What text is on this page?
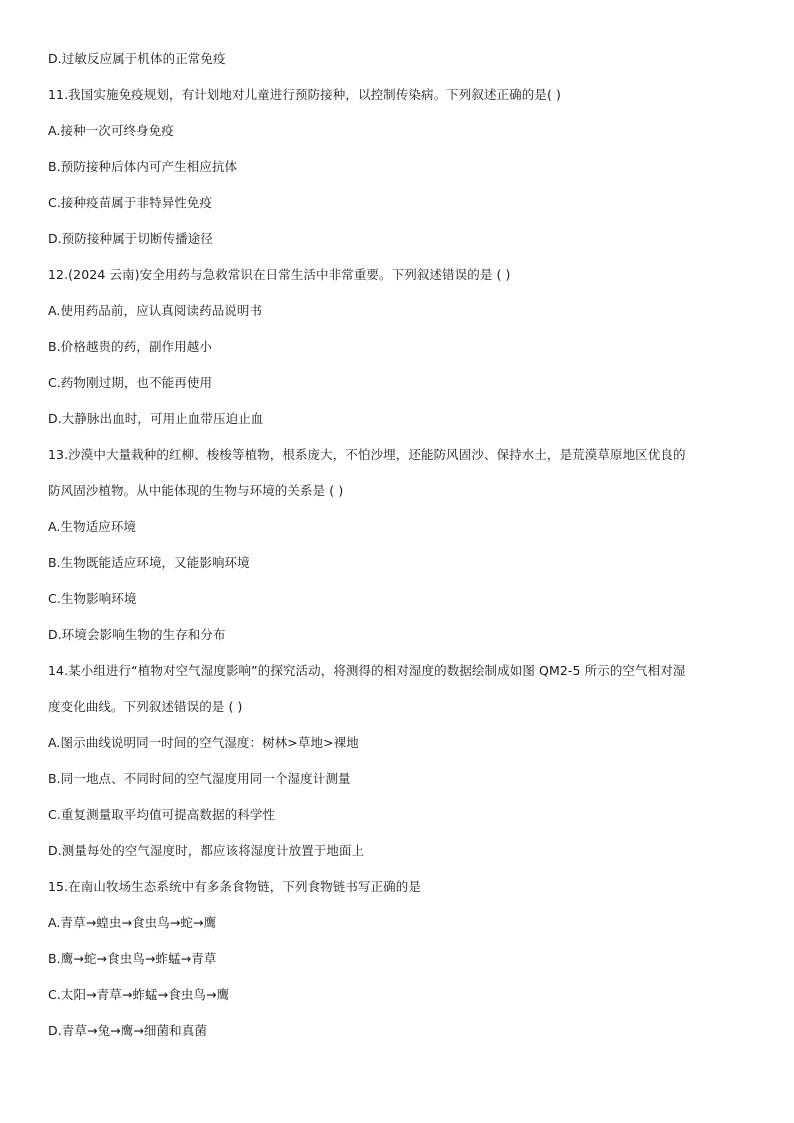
D.过敏反应属于机体的正常免疫
11.我国实施免疫规划，有计划地对儿童进行预防接种，以控制传染病。下列叙述正确的是( )
A.接种一次可终身免疫
B.预防接种后体内可产生相应抗体
C.接种疫苗属于非特异性免疫
D.预防接种属于切断传播途径
12.(2024 云南)安全用药与急救常识在日常生活中非常重要。下列叙述错误的是 ( )
A.使用药品前，应认真阅读药品说明书
B.价格越贵的药，副作用越小
C.药物刚过期，也不能再使用
D.大静脉出血时，可用止血带压迫止血
13.沙漠中大量栽种的红柳、梭梭等植物，根系庞大，不怕沙埋，还能防风固沙、保持水土，是荒漠草原地区优良的
防风固沙植物。从中能体现的生物与环境的关系是 ( )
A.生物适应环境
B.生物既能适应环境，又能影响环境
C.生物影响环境
D.环境会影响生物的生存和分布
14.某小组进行“植物对空气湿度影响”的探究活动，将测得的相对湿度的数据绘制成如图 QM2-5 所示的空气相对湿
度变化曲线。下列叙述错误的是 ( )
A.图示曲线说明同一时间的空气湿度：树林>草地>裸地
B.同一地点、不同时间的空气湿度用同一个湿度计测量
C.重复测量取平均值可提高数据的科学性
D.测量每处的空气湿度时，都应该将湿度计放置于地面上
15.在南山牧场生态系统中有多条食物链，下列食物链书写正确的是
A.青草→蝗虫→食虫鸟→蛇→鹰
B.鹰→蛇→食虫鸟→蚱蜢→青草
C.太阳→青草→蚱蜢→食虫鸟→鹰
D.青草→兔→鹰→细菌和真菌
